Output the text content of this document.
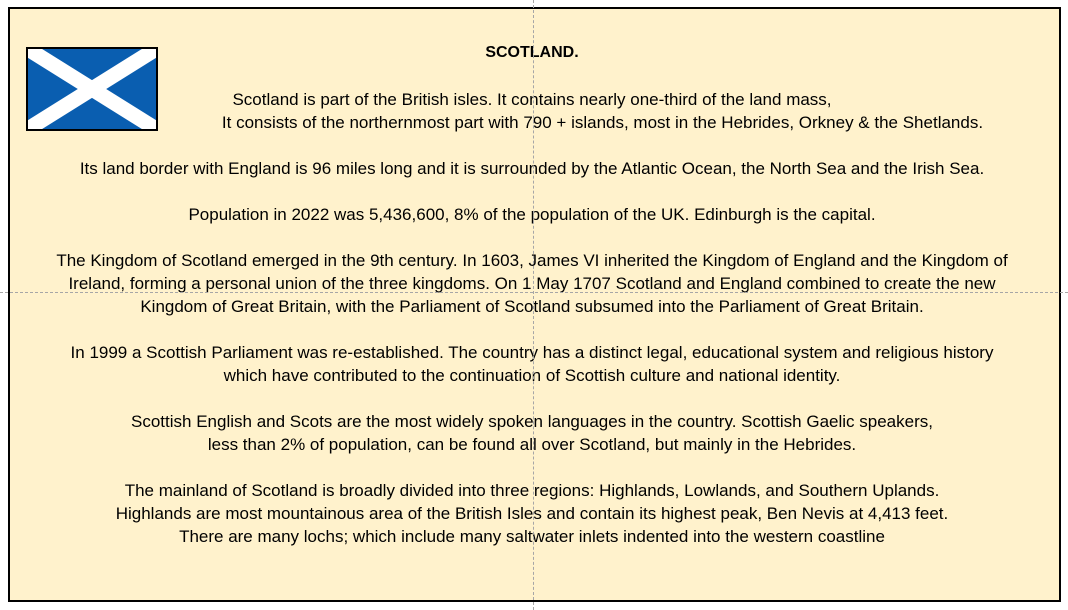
SCOTLAND.
Scotland is part of the British isles. It contains nearly one-third of the land mass,
It consists of the northernmost part with 790 + islands, most in the Hebrides, Orkney & the Shetlands.
Its land border with England is 96 miles long and it is surrounded by the Atlantic Ocean, the North Sea and the Irish Sea.
Population in 2022 was 5,436,600, 8% of the population of the UK. Edinburgh is the capital.
The Kingdom of Scotland emerged in the 9th century. In 1603, James VI inherited the Kingdom of England and the Kingdom of
Ireland, forming a personal union of the three kingdoms. On 1 May 1707 Scotland and England combined to create the new
Kingdom of Great Britain, with the Parliament of Scotland subsumed into the Parliament of Great Britain.
In 1999 a Scottish Parliament was re-established. The country has a distinct legal, educational system and religious history
which have contributed to the continuation of Scottish culture and national identity.
Scottish English and Scots are the most widely spoken languages in the country. Scottish Gaelic speakers,
less than 2% of population, can be found all over Scotland, but mainly in the Hebrides.
The mainland of Scotland is broadly divided into three regions: Highlands, Lowlands, and Southern Uplands.
Highlands are most mountainous area of the British Isles and contain its highest peak, Ben Nevis at 4,413 feet.
There are many lochs; which include many saltwater inlets indented into the western coastline
